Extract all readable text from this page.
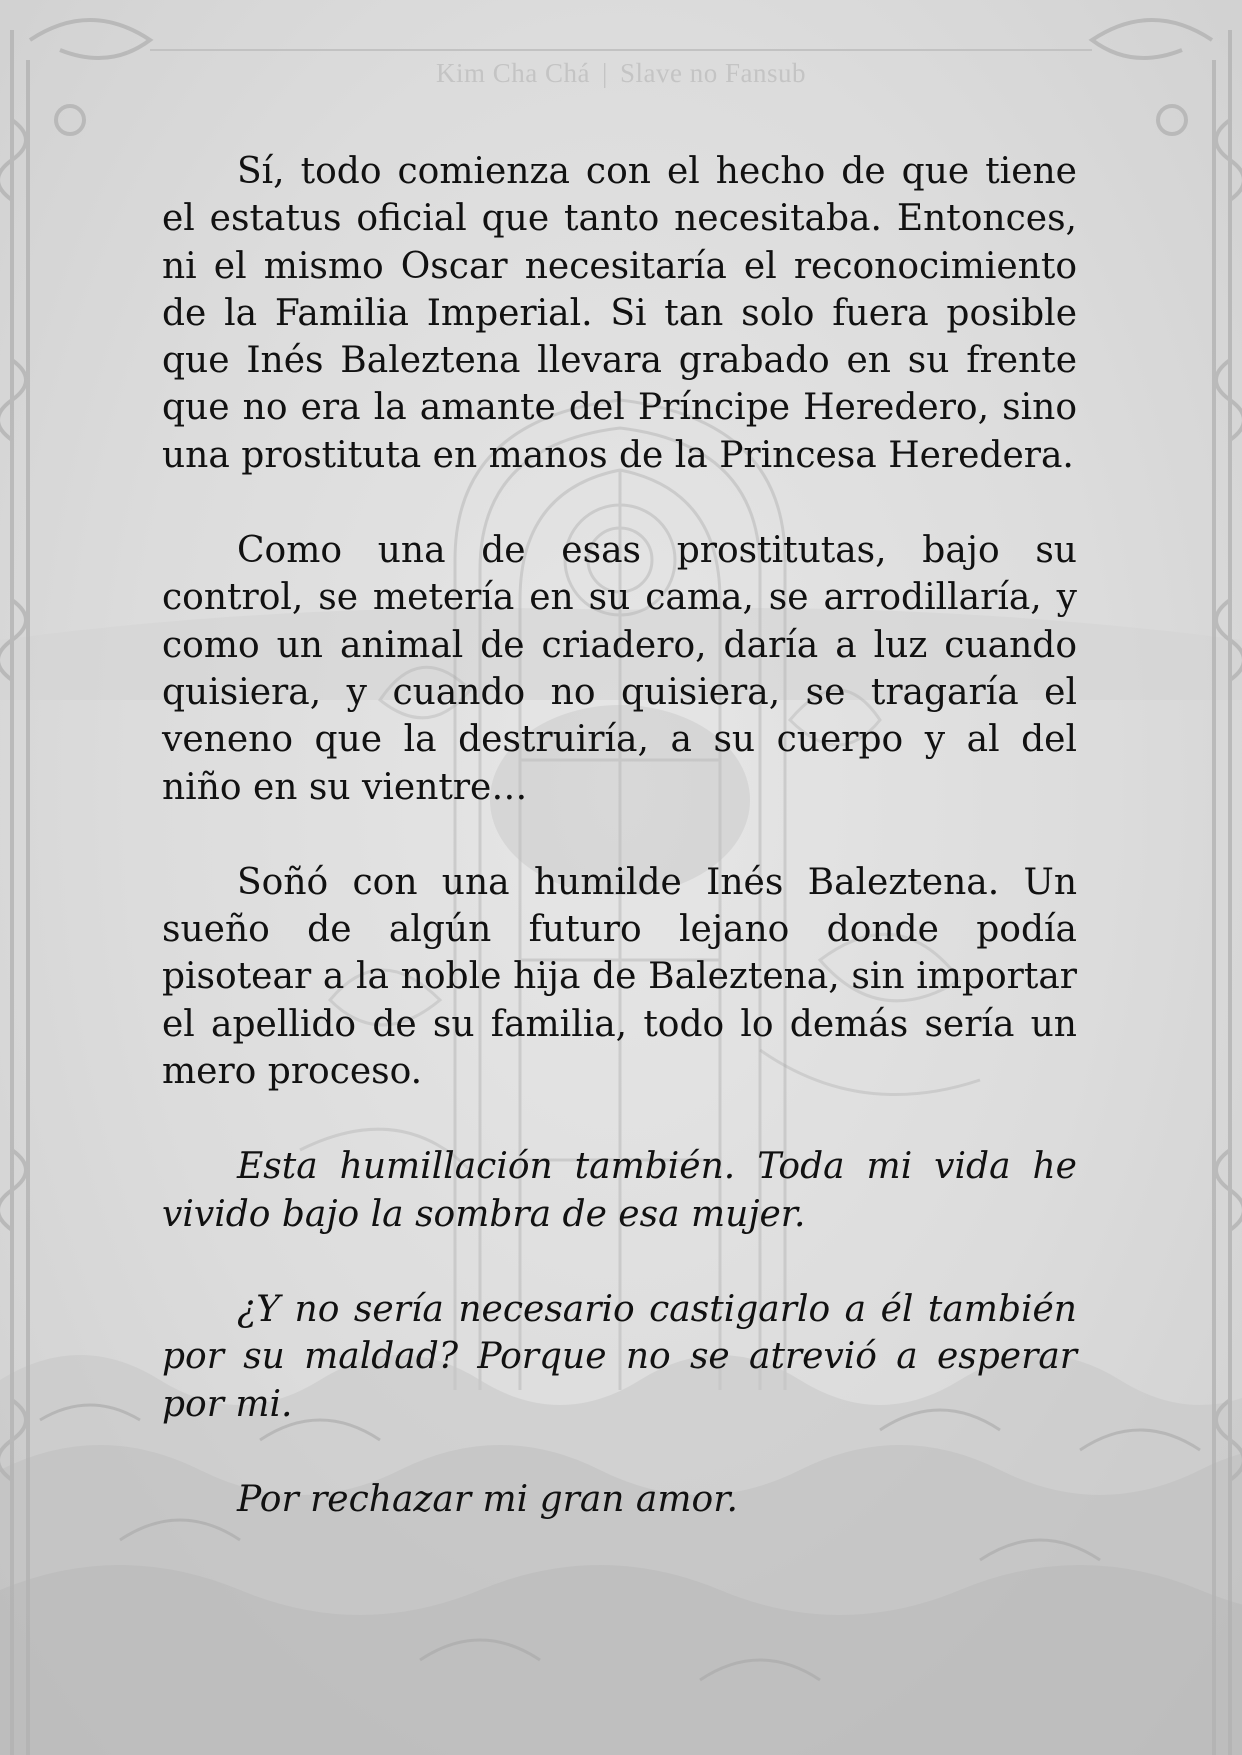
Kim Cha Chá | Slave no Fansub

Sí, todo comienza con el hecho de que tiene el estatus oficial que tanto necesitaba. Entonces, ni el mismo Oscar necesitaría el reconocimiento de la Familia Imperial. Si tan solo fuera posible que Inés Baleztena llevara grabado en su frente que no era la amante del Príncipe Heredero, sino una prostituta en manos de la Princesa Heredera.

Como una de esas prostitutas, bajo su control, se metería en su cama, se arrodillaría, y como un animal de criadero, daría a luz cuando quisiera, y cuando no quisiera, se tragaría el veneno que la destruiría, a su cuerpo y al del niño en su vientre…

Soñó con una humilde Inés Baleztena. Un sueño de algún futuro lejano donde podía pisotear a la noble hija de Baleztena, sin importar el apellido de su familia, todo lo demás sería un mero proceso.

Esta humillación también. Toda mi vida he vivido bajo la sombra de esa mujer.

¿Y no sería necesario castigarlo a él también por su maldad? Porque no se atrevió a esperar por mi.

Por rechazar mi gran amor.
